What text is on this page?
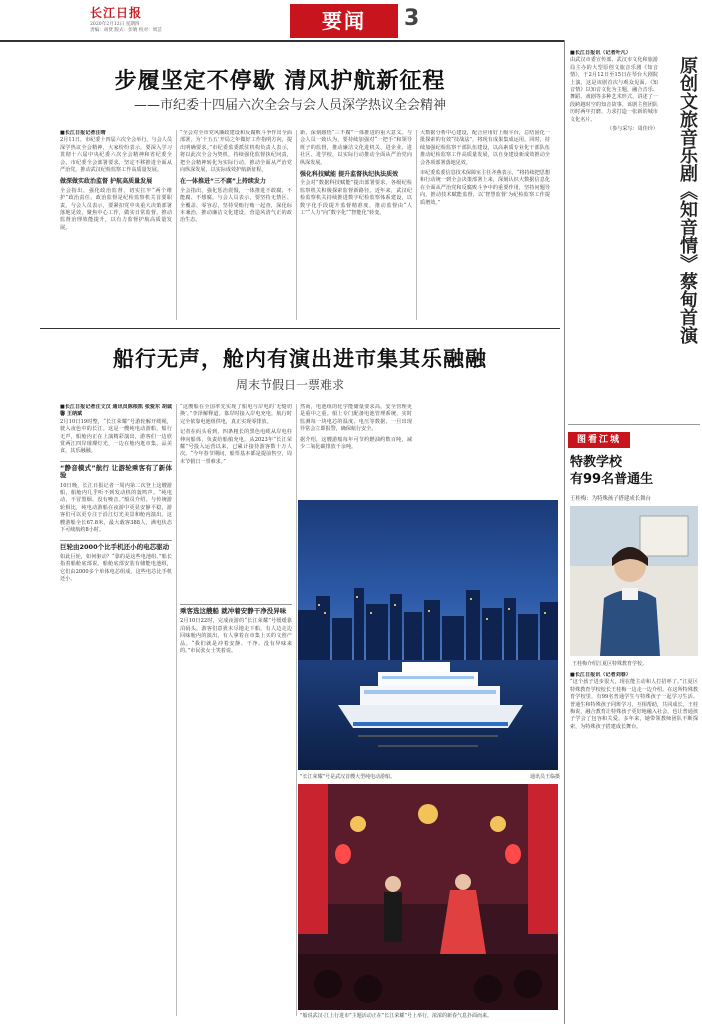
长江日报
2020年2月12日 星期四
责编：胡贤 版式：彭婧 校对：周芸	要闻	3
步履坚定不停歇 清风护航新征程
——市纪委十四届六次全会与会人员深学热议全会精神
■长江日报记者汪晴
2月11日，市纪委十四届六次全会举行。与会人员深学热议全会精神，大家纷纷表示，要深入学习贯彻十六届中央纪委六次全会精神和省纪委全会、市纪委全会部署要求，坚定不移推进全面从严治党，推动武汉纪检监察工作高质量发展。
做深做实政治监督 护航高质量发展
全会指出，强化政治监督，切实扛牢“两个维护”政治责任。政治监督是纪检监察机关首要职责。与会人员表示，要紧扣党中央重大决策部署落地见效，聚焦中心工作，做实日常监督，推动监督治理效能提升，以有力监督护航高质量发展。
“全会对全市党风廉政建设和反腐败斗争作出全面部署，为‘十五五’开局之年做好工作指明方向，提出明确要求。”市纪委监委派驻机构负责人表示，将以此次全会为契机，持续强化监督执纪问责，把全会精神转化为实际行动，推动全面从严治党向纵深发展，以实际成效护航新征程。
在一体推进“三不腐”上持续发力
全会指出，强化惩治震慑，一体推进不敢腐、不能腐、不想腐。与会人员表示，要坚持无禁区、全覆盖、零容忍，坚持受贿行贿一起查，深化标本兼治，推动廉洁文化建设，营造风清气正的政治生态。
新，深刻感悟“三不腐”一体推进的重大意义。与会人员一致认为，要持续加强对“一把手”和领导班子的监督，推动廉洁文化进机关、进企业、进社区、进学校，以实际行动推动全面从严治党向纵深发展。
强化科技赋能 提升监督执纪执法质效
全会对“数据科技赋能”提出部署要求，各级纪检监察机关积极探索监督新路径。近年来，武汉纪检监察机关持续推进数字纪检监察体系建设，以数字化手段提升监督精准度，推动监督由“人工”“人力”向“数字化”“智能化”转变。
大数据分析中心建设，配合应用好上级平台，总结固化一批探索的有效“技战法”，将现有成果集成运用。同时，持续加强纪检监察干部队伍建设，以高素质专业化干部队伍推动纪检监察工作高质量发展，以自身建设新成效推动全会各项部署落地见效。
市纪委监委信息技术保障室主任齐燕表示，“将持续把思想和行动统一到全会决策部署上来，深刻认识大数据信息化在全面从严治党和反腐败斗争中的重要作用，坚持问题导向，推动技术赋能监督，以‘智慧监督’为纪检监察工作提质增效。”
船行无声，舱内有演出进市集其乐融融
周末节假日一票难求
■长江日报记者汪文汉 通讯员陈根凯 张爱东 胡诚馨 王纳斌
2月10日19时整，“长江荣耀”号游轮解开缆绳，驶入夜色中的长江。这是一艘纯电动游船，船行无声，船舱内正在上演精彩演出，游客们一边欣赏两江四岸璀璨灯光，一边在舱内逛市集、品美食，其乐融融。
“静音模式”航行 让游轮乘客有了新体验
10日晚，长江日报记者一周内第二次登上这艘游船，船舱内几乎听不到发动机的轰鸣声。“纯电动，不冒黑烟、没有噪音。”船员介绍。与传统游轮相比，纯电动游船在夜游中更显安静平稳，游客们可以更专注于沿江灯光美景和舱内演出。这艘游船全长67.8米，最大载客388人，满电状态下可续航约8小时。
巨轮由2000个比手机还小的电芯驱动
如此巨轮，如何驱动？“靠的是这些电池组。”船长指着船舱底部说。船舱底部安装有储能电池组，它们由2000多个单体电芯组成，这些电芯比手机还小。
“这艘船在全国率先实现了船电与岸电的‘无缝切换’。”李泽解释道。靠岸时接入岸电充电，航行时完全依靠电池组供电，真正实现零排放。
记者在码头看到，四条粗长的黑色电缆从岸电柱伸向船体，负责给船舶充电。从2023年“长江荣耀”号投入运营以来，已累计接待游客数十万人次。“今年春节期间，船票基本都是提前售空，周末节假日一票难求。”
乘客选这艘船 就冲着安静干净没异味
2月10日22时，完成夜游的“长江荣耀”号缓缓靠泊码头。游客们意犹未尽地走下船，有人边走边回味舱内的演出，有人拿着在市集上买的文创产品。“我们就是冲着安静、干净、没有异味来的。”市民张女士笑着说。
然而，电池组的化学能储量要求高，安全管理更是重中之重。船上专门配备电池管理系统，实时监测每一块电芯的温度、电压等数据，一旦出现异常会立即报警，确保航行安全。
据介绍，这艘游船每年可节约燃油约数百吨，减少二氧化碳排放千余吨。
“长江荣耀”号是武汉首艘大型纯电动游船。	通讯员王临摄
“船说武汉·江上行进市”主题活动正在“长江荣耀”号上举行，浓浓的新春气息扑面而来。
■长江日报讯（记者叶凡）
由武汉市委宣传部、武汉市文化和旅游局主办的大型原创文旅音乐剧《知音情》，于2月12日至15日在琴台大剧院上演，这是该剧首次与观众见面。《知音情》以知音文化为主题，融合音乐、舞蹈、戏剧等多种艺术形式，讲述了一段跨越时空的知音故事。该剧主创团队历时两年打磨，力求打造一张新的城市文化名片。
（参与采写：周佳玲）	原创文旅音乐剧《知音情》蔡甸首演
图看江城
特教学校
有99名普通生
王桂梅：为特殊孩子搭建成长舞台
王桂梅介绍江夏区特殊教育学校。
■长江日报讯（记者刘春）
“这个孩子进步很大，现在能主动和人打招呼了。”江夏区特殊教育学校校长王桂梅一边走一边介绍。在这所特殊教育学校里，有99名普通学生与特殊孩子一起学习生活。普通生和特殊孩子同班学习，互相帮助，共同成长。王桂梅说，融合教育让特殊孩子更好地融入社会，也让普通孩子学会了包容和关爱。多年来，她带领教师团队不断探索，为特殊孩子搭建成长舞台。
